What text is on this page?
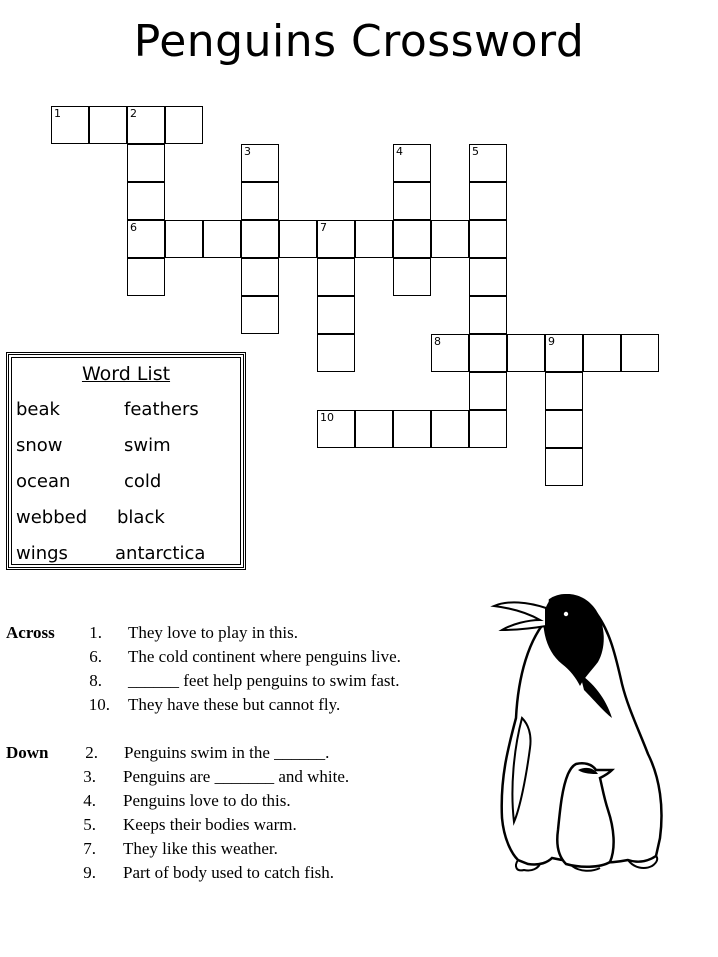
Penguins Crossword
1	2
6
3	4	5
7
8	9
10
Word List
beak	feathers
snow	swim
ocean	cold
webbed black
wings	antarctica
Across	1. They love to play in this.
6. The cold continent where penguins live.
8. ______ feet help penguins to swim fast.
10. They have these but cannot fly.
Down	2. Penguins swim in the ______.
3. Penguins are _______ and white.
4. Penguins love to do this.
5. Keeps their bodies warm.
7. They like this weather.
9. Part of body used to catch fish.
